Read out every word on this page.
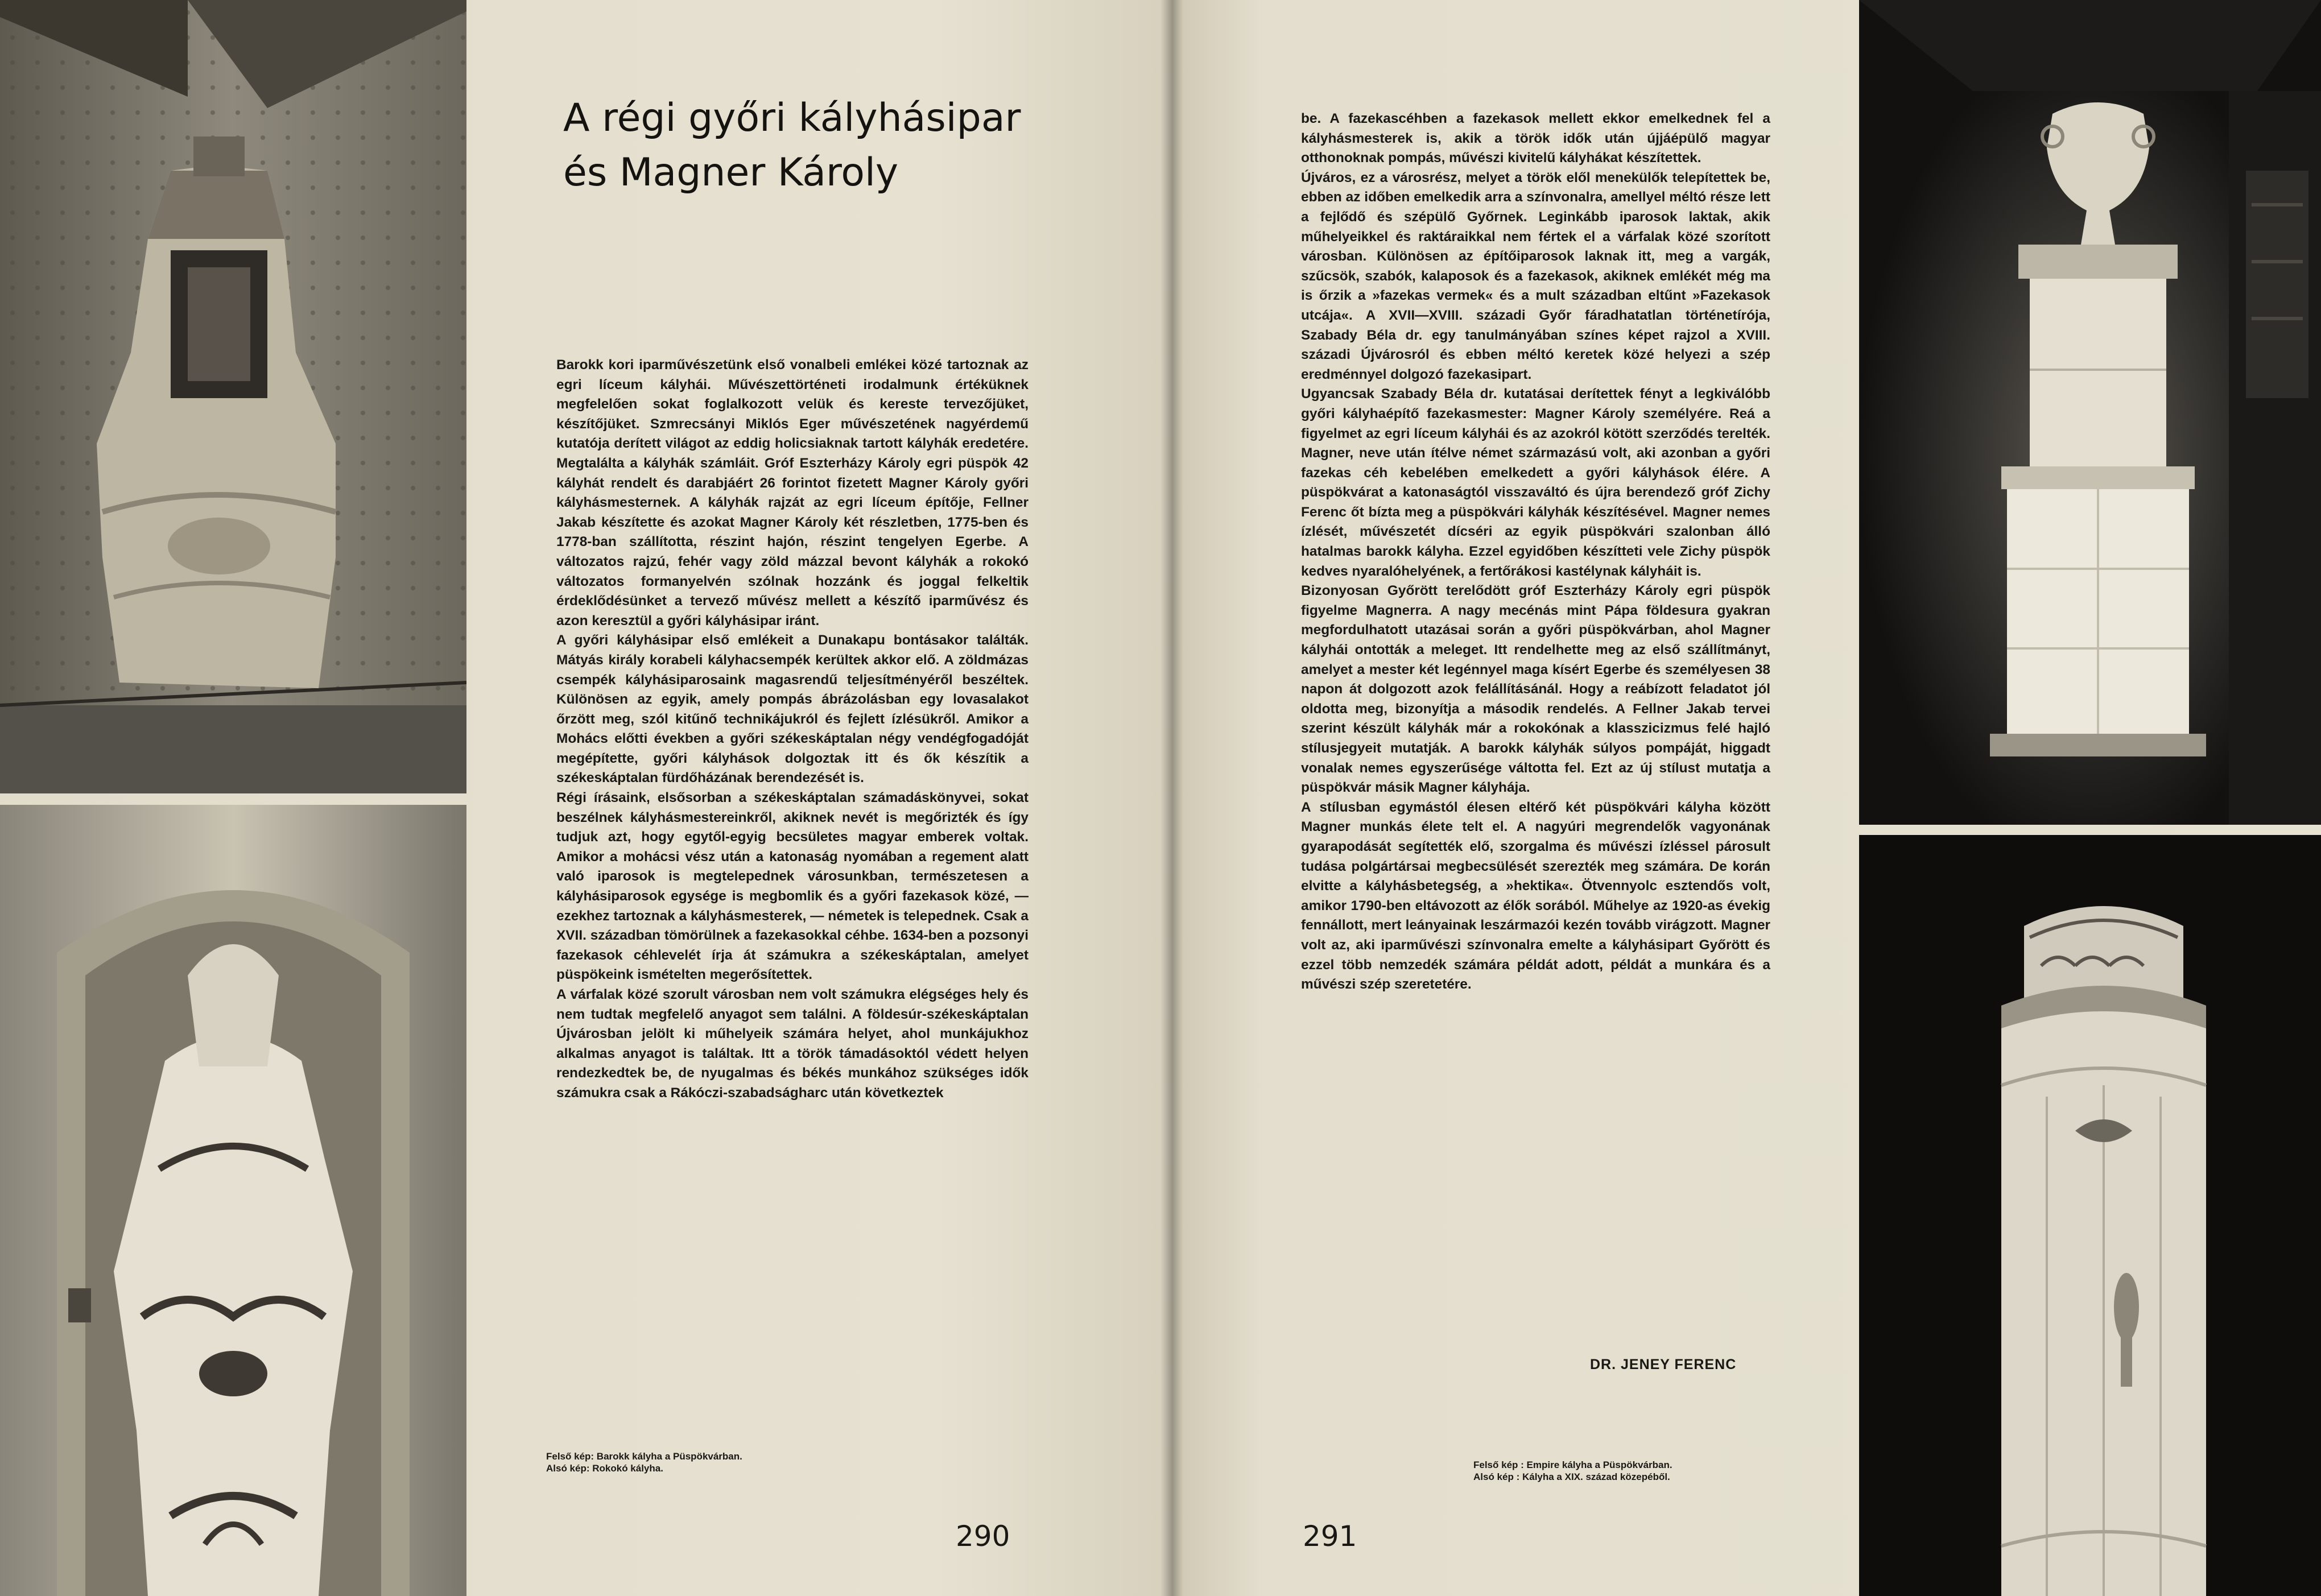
A régi győri kályhásipar
és Magner Károly

Barokk kori iparművészetünk első vonalbeli emlékei közé tartoznak az egri líceum kályhái. Művészettörténeti irodalmunk értéküknek megfelelően sokat foglalkozott velük és kereste tervezőjüket, készítőjüket. Szmrecsányi Miklós Eger művészetének nagyérdemű kutatója derített világot az eddig holicsiaknak tartott kályhák eredetére. Megtalálta a kályhák számláit. Gróf Eszterházy Károly egri püspök 42 kályhát rendelt és darabjáért 26 forintot fizetett Magner Károly győri kályhásmesternek. A kályhák rajzát az egri líceum építője, Fellner Jakab készítette és azokat Magner Károly két részletben, 1775-ben és 1778-ban szállította, részint hajón, részint tengelyen Egerbe. A változatos rajzú, fehér vagy zöld mázzal bevont kályhák a rokokó változatos formanyelvén szólnak hozzánk és joggal felkeltik érdeklődésünket a tervező művész mellett a készítő iparművész és azon keresztül a győri kályhásipar iránt.

A győri kályhásipar első emlékeit a Dunakapu bontásakor találták. Mátyás király korabeli kályhacsempék kerültek akkor elő. A zöldmázas csempék kályhásiparosaink magasrendű teljesítményéről beszéltek. Különösen az egyik, amely pompás ábrázolásban egy lovasalakot őrzött meg, szól kitűnő technikájukról és fejlett ízlésükről. Amikor a Mohács előtti években a győri székeskáptalan négy vendégfogadóját megépítette, győri kályhások dolgoztak itt és ők készítik a székeskáptalan fürdőházának berendezését is.

Régi írásaink, elsősorban a székeskáptalan számadáskönyvei, sokat beszélnek kályhásmestereinkről, akiknek nevét is megőrizték és így tudjuk azt, hogy egytől-egyig becsületes magyar emberek voltak. Amikor a mohácsi vész után a katonaság nyomában a regement alatt való iparosok is megtelepednek városunkban, természetesen a kályhásiparosok egysége is megbomlik és a győri fazekasok közé, — ezekhez tartoznak a kályhásmesterek, — németek is telepednek. Csak a XVII. században tömörülnek a fazekasokkal céhbe. 1634-ben a pozsonyi fazekasok céhlevelét írja át számukra a székeskáptalan, amelyet püspökeink ismételten megerősítettek.

A várfalak közé szorult városban nem volt számukra elégséges hely és nem tudtak megfelelő anyagot sem találni. A földesúr-székeskáptalan Újvárosban jelölt ki műhelyeik számára helyet, ahol munkájukhoz alkalmas anyagot is találtak. Itt a török támadásoktól védett helyen rendezkedtek be, de nyugalmas és békés munkához szükséges idők számukra csak a Rákóczi-szabadságharc után következtek

Felső kép: Barokk kályha a Püspökvárban.
Alsó kép: Rokokó kályha.
290

be. A fazekascéhben a fazekasok mellett ekkor emelkednek fel a kályhásmesterek is, akik a török idők után újjáépülő magyar otthonoknak pompás, művészi kivitelű kályhákat készítettek.

Újváros, ez a városrész, melyet a török elől menekülők telepítettek be, ebben az időben emelkedik arra a színvonalra, amellyel méltó része lett a fejlődő és szépülő Győrnek. Leginkább iparosok laktak, akik műhelyeikkel és raktáraikkal nem fértek el a várfalak közé szorított városban. Különösen az építőiparosok laknak itt, meg a vargák, szűcsök, szabók, kalaposok és a fazekasok, akiknek emlékét még ma is őrzik a »fazekas vermek« és a mult században eltűnt »Fazekasok utcája«. A XVII—XVIII. századi Győr fáradhatatlan történetírója, Szabady Béla dr. egy tanulmányában színes képet rajzol a XVIII. századi Újvárosról és ebben méltó keretek közé helyezi a szép eredménnyel dolgozó fazekasipart.

Ugyancsak Szabady Béla dr. kutatásai derítettek fényt a legkiválóbb győri kályhaépítő fazekasmester: Magner Károly személyére. Reá a figyelmet az egri líceum kályhái és az azokról kötött szerződés terelték. Magner, neve után ítélve német származású volt, aki azonban a győri fazekas céh kebelében emelkedett a győri kályhások élére. A püspökvárat a katonaságtól visszaváltó és újra berendező gróf Zichy Ferenc őt bízta meg a püspökvári kályhák készítésével. Magner nemes ízlését, művészetét dícséri az egyik püspökvári szalonban álló hatalmas barokk kályha. Ezzel egyidőben készítteti vele Zichy püspök kedves nyaralóhelyének, a fertőrákosi kastélynak kályháit is.

Bizonyosan Győrött terelődött gróf Eszterházy Károly egri püspök figyelme Magnerra. A nagy mecénás mint Pápa földesura gyakran megfordulhatott utazásai során a győri püspökvárban, ahol Magner kályhái ontották a meleget. Itt rendelhette meg az első szállítmányt, amelyet a mester két legénnyel maga kísért Egerbe és személyesen 38 napon át dolgozott azok felállításánál. Hogy a reábízott feladatot jól oldotta meg, bizonyítja a második rendelés. A Fellner Jakab tervei szerint készült kályhák már a rokokónak a klasszicizmus felé hajló stílusjegyeit mutatják. A barokk kályhák súlyos pompáját, higgadt vonalak nemes egyszerűsége váltotta fel. Ezt az új stílust mutatja a püspökvár másik Magner kályhája.

A stílusban egymástól élesen eltérő két püspökvári kályha között Magner munkás élete telt el. A nagyúri megrendelők vagyonának gyarapodását segítették elő, szorgalma és művészi ízléssel párosult tudása polgártársai megbecsülését szerezték meg számára. De korán elvitte a kályhásbetegség, a »hektika«. Ötvennyolc esztendős volt, amikor 1790-ben eltávozott az élők sorából. Műhelye az 1920-as évekig fennállott, mert leányainak leszármazói kezén tovább virágzott. Magner volt az, aki iparművészi színvonalra emelte a kályhásipart Győrött és ezzel több nemzedék számára példát adott, példát a munkára és a művészi szép szeretetére.

DR. JENEY FERENC
Felső kép : Empire kályha a Püspökvárban.
Alsó kép : Kályha a XIX. század közepéből.
291
